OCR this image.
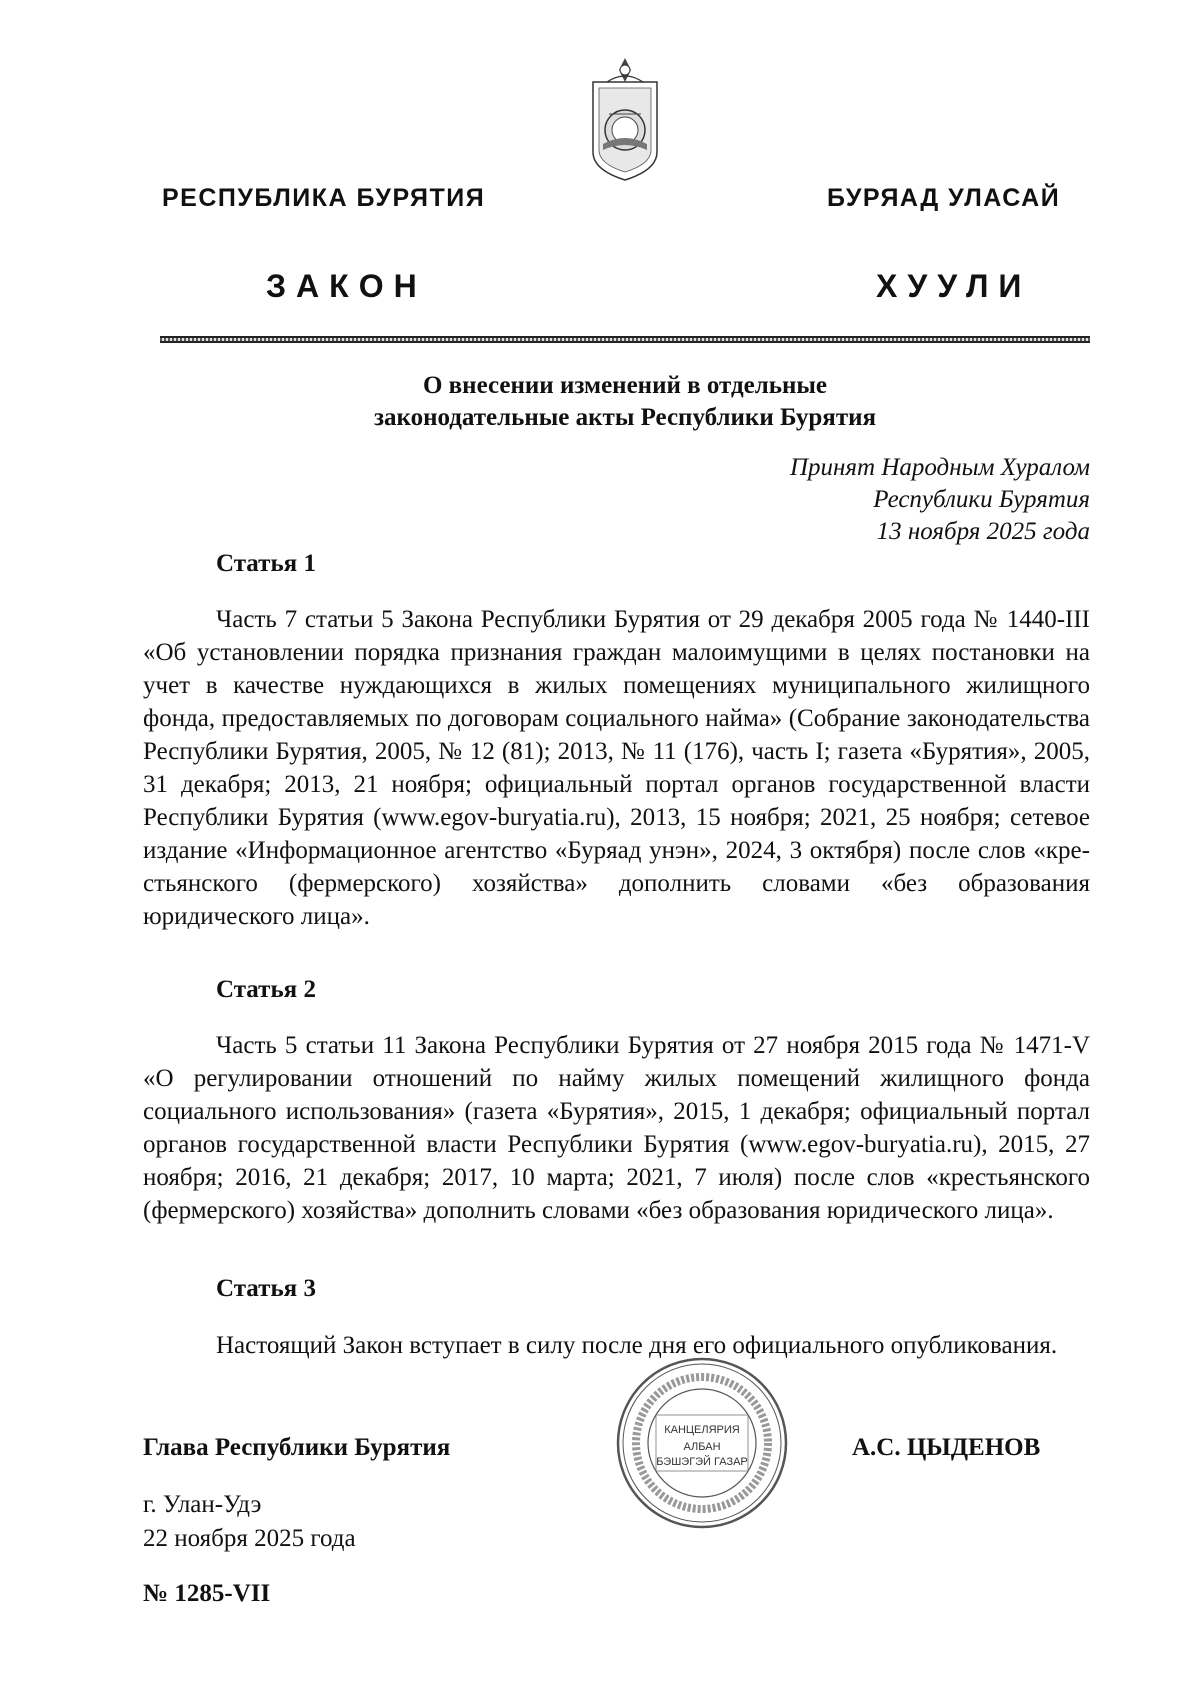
РЕСПУБЛИКА БУРЯТИЯ	БУРЯАД УЛАСАЙ
ЗАКОН	ХУУЛИ
О внесении изменений в отдельные
законодательные акты Республики Бурятия
Принят Народным Хуралом
Республики Бурятия
13 ноября 2025 года
Статья 1
Часть 7 статьи 5 Закона Республики Бурятия от 29 декабря 2005 года № 1440-III «Об установлении порядка признания граждан малоимущими в целях постановки на учет в качестве нуждающихся в жилых помещениях муниципального жилищного фонда, предоставляемых по договорам социального найма» (Собрание законодательства Республики Бурятия, 2005, № 12 (81); 2013, № 11 (176), часть I; газета «Бурятия», 2005, 31 декабря; 2013, 21 ноября; официальный портал органов государственной власти Республики Бурятия (www.egov-buryatia.ru), 2013, 15 ноября; 2021, 25 ноября; сетевое издание «Информационное агентство «Буряад унэн», 2024, 3 октября) после слов «крестьянского (фермерского) хозяйства» дополнить словами «без образования юридического лица».
Статья 2
Часть 5 статьи 11 Закона Республики Бурятия от 27 ноября 2015 года № 1471-V «О регулировании отношений по найму жилых помещений жилищного фонда социального использования» (газета «Бурятия», 2015, 1 декабря; официальный портал органов государственной власти Республики Бурятия (www.egov-buryatia.ru), 2015, 27 ноября; 2016, 21 декабря; 2017, 10 марта; 2021, 7 июля) после слов «крестьянского (фермерского) хозяйства» дополнить словами «без образования юридического лица».
Статья 3
Настоящий Закон вступает в силу после дня его официального опубликования.
Глава Республики Бурятия	А.С. ЦЫДЕНОВ
КАНЦЕЛЯРИЯ
АЛБАН
БЭШЭГЭЙ ГАЗАР
г. Улан-Удэ
22 ноября 2025 года
№ 1285-VII
